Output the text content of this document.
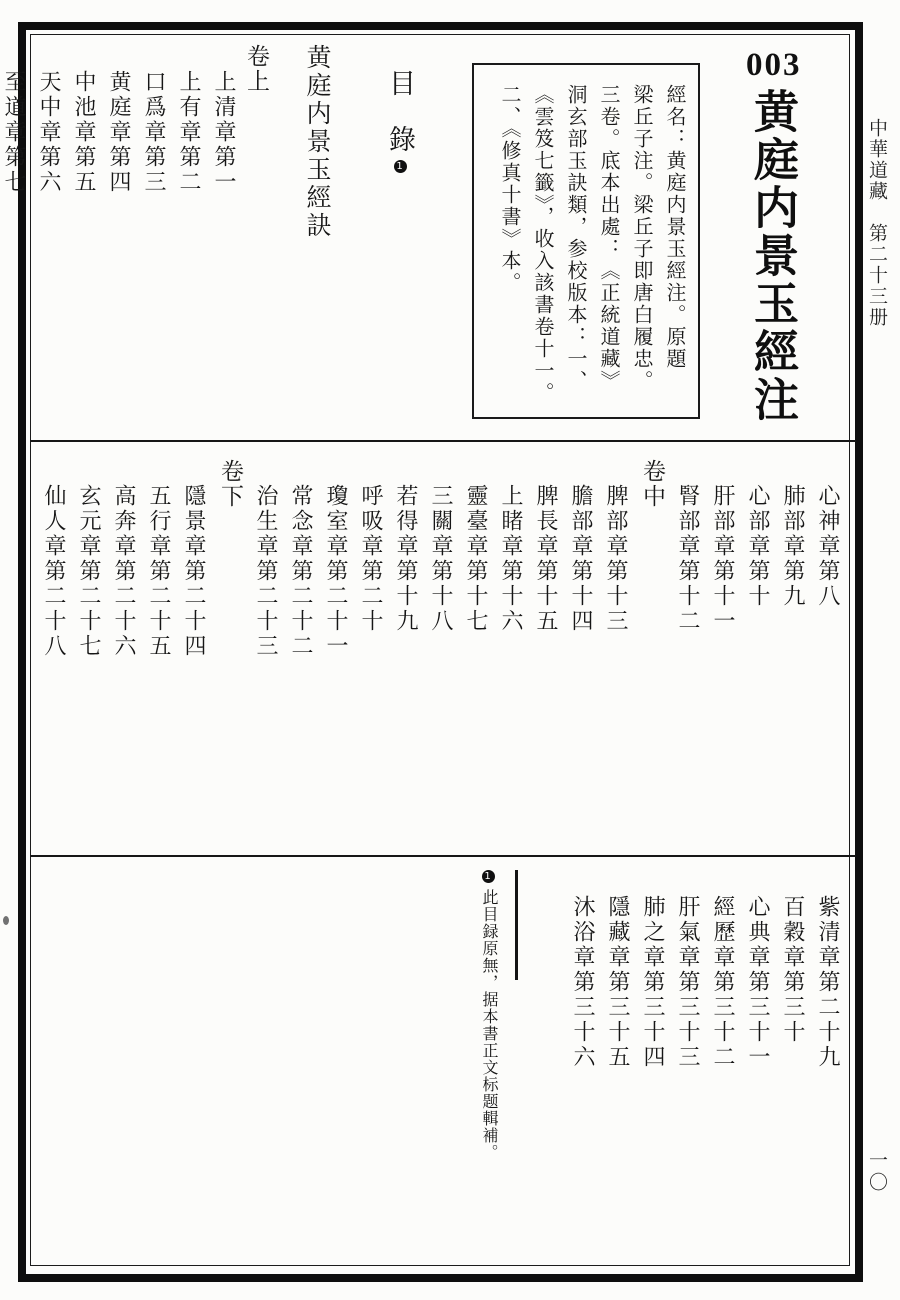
中華道藏　第二十三册
一〇
003
黄庭内景玉經注
經名：黄庭内景玉經注。原題
梁丘子注。梁丘子即唐白履忠。
三卷。底本出處：《正統道藏》
洞玄部玉訣類，参校版本：一、
《雲笈七籤》，收入該書卷十一。
二、《修真十書》本。
目　錄1
黄庭内景玉經訣
卷上
上清章第一
上有章第二
口爲章第三
黄庭章第四
中池章第五
天中章第六
至道章第七
心神章第八
肺部章第九
心部章第十
肝部章第十一
腎部章第十二
卷中
脾部章第十三
膽部章第十四
脾長章第十五
上睹章第十六
靈臺章第十七
三關章第十八
若得章第十九
呼吸章第二十
瓊室章第二十一
常念章第二十二
治生章第二十三
卷下
隱景章第二十四
五行章第二十五
高奔章第二十六
玄元章第二十七
仙人章第二十八
紫清章第二十九
百穀章第三十
心典章第三十一
經歷章第三十二
肝氣章第三十三
肺之章第三十四
隱藏章第三十五
沐浴章第三十六
1此目録原無，据本書正文标题輯補。
